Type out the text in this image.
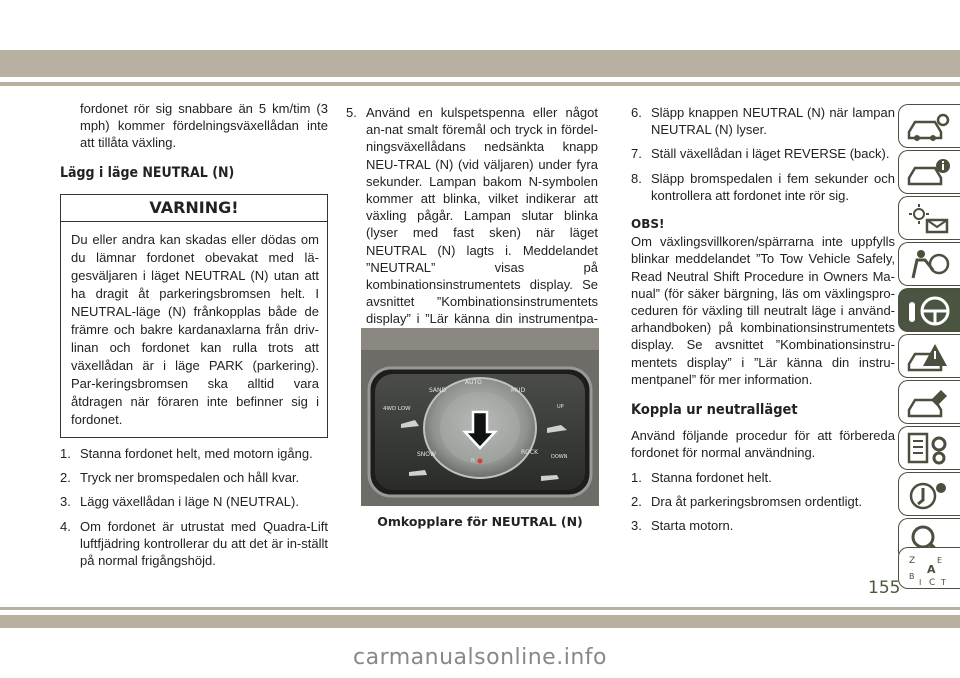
fordonet rör sig snabbare än 5 km/tim (3 mph) kommer fördelningsväxellådan inte att tillåta växling.

Lägg i läge NEUTRAL (N)
VARNING!
Du eller andra kan skadas eller dödas om du lämnar fordonet obevakat med lä-gesväljaren i läget NEUTRAL (N) utan att ha dragit åt parkeringsbromsen helt. I NEUTRAL-läge (N) frånkopplas både de främre och bakre kardanaxlarna från driv-linan och fordonet kan rulla trots att växellådan är i läge PARK (parkering). Par-keringsbromsen ska alltid vara åtdragen när föraren inte befinner sig i fordonet.
1. Stanna fordonet helt, med motorn igång.
2. Tryck ner bromspedalen och håll kvar.
3. Lägg växellådan i läge N (NEUTRAL).
4. Om fordonet är utrustat med Quadra-Lift luftfjädring kontrollerar du att det är in-ställt på normal frigångshöjd.
5. Använd en kulspetspenna eller något an-nat smalt föremål och tryck in fördel-ningsväxellådans nedsänkta knapp NEU-TRAL (N) (vid väljaren) under fyra sekunder. Lampan bakom N-symbolen kommer att blinka, vilket indikerar att växling pågår. Lampan slutar blinka (lyser med fast sken) när läget NEUTRAL (N) lagts i. Meddelandet ”NEUTRAL” visas på kombinationsinstrumentets display. Se avsnittet ”Kombinationsinstrumentets display” i ”Lär känna din instrumentpa-
N
AUTO
SAND	MUD
SNOW	ROCK
4WD LOW	UP
DOWN
Omkopplare för NEUTRAL (N)
6. Släpp knappen NEUTRAL (N) när lampan NEUTRAL (N) lyser.
7. Ställ växellådan i läget REVERSE (back).
8. Släpp bromspedalen i fem sekunder och kontrollera att fordonet inte rör sig.
OBS!

Om växlingsvillkoren/spärrarna inte uppfylls blinkar meddelandet ”To Tow Vehicle Safely, Read Neutral Shift Procedure in Owners Ma-nual” (för säker bärgning, läs om växlingspro-ceduren för växling till neutralt läge i använd-arhandboken) på kombinationsinstrumentets display. Se avsnittet ”Kombinationsinstru-mentets display” i ”Lär känna din instru-mentpanel” för mer information.

Koppla ur neutralläget

Använd följande procedur för att förbereda fordonet för normal användning.

1. Stanna fordonet helt.
2. Dra åt parkeringsbromsen ordentligt.
3. Starta motorn.
Z	E
A
B
I C T
155
carmanualsonline.info
